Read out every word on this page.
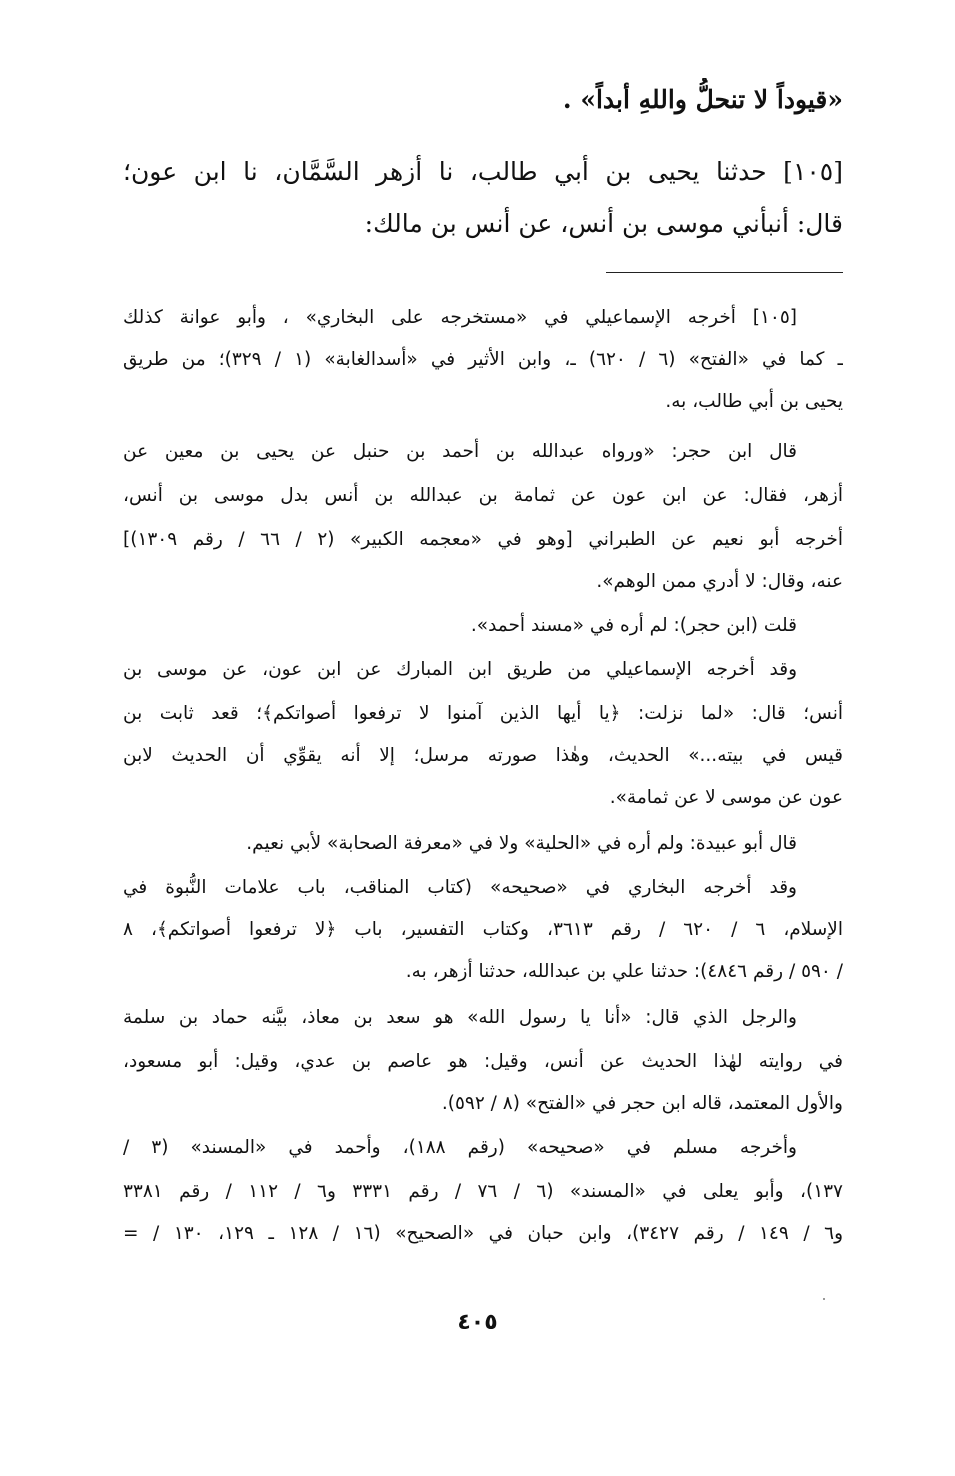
«قيوداً لا تنحلُّ واللهِ أبداً» .
[١٠٥] حدثنا يحيى بن أبي طالب، نا أزهر السَّمَّان، نا ابن عون؛
قال: أنبأني موسى بن أنس، عن أنس بن مالك:
[١٠٥] أخرجه الإسماعيلي في «مستخرجه على البخاري» ، وأبو عوانة كذلك
ـ كما في «الفتح» (٦ / ٦٢٠) ـ، وابن الأثير في «أسدالغابة» (١ / ٣٢٩)؛ من طريق
يحيى بن أبي طالب، به.
قال ابن حجر: «ورواه عبدالله بن أحمد بن حنبل عن يحيى بن معين عن
أزهر، فقال: عن ابن عون عن ثمامة بن عبدالله بن أنس بدل موسى بن أنس،
أخرجه أبو نعيم عن الطبراني [وهو في «معجمه الكبير» (٢ / ٦٦ / رقم ١٣٠٩)]
عنه، وقال: لا أدري ممن الوهم».
قلت (ابن حجر): لم أره في «مسند أحمد».
وقد أخرجه الإسماعيلي من طريق ابن المبارك عن ابن عون، عن موسى بن
أنس؛ قال: «لما نزلت: ﴿يا أيها الذين آمنوا لا ترفعوا أصواتكم﴾؛ قعد ثابت بن
قيس في بيته...» الحديث، وهٰذا صورته مرسل؛ إلا أنه يقوِّي أن الحديث لابن
عون عن موسى لا عن ثمامة».
قال أبو عبيدة: ولم أره في «الحلية» ولا في «معرفة الصحابة» لأبي نعيم.
وقد أخرجه البخاري في «صحيحه» (كتاب المناقب، باب علامات النُّبوة في
الإسلام، ٦ / ٦٢٠ / رقم ٣٦١٣، وكتاب التفسير، باب ﴿لا ترفعوا أصواتكم﴾، ٨
/ ٥٩٠ / رقم ٤٨٤٦): حدثنا علي بن عبدالله، حدثنا أزهر، به.
والرجل الذي قال: «أنا يا رسول الله» هو سعد بن معاذ، بيَّنه حماد بن سلمة
في روايته لهٰذا الحديث عن أنس، وقيل: هو عاصم بن عدي، وقيل: أبو مسعود،
والأول المعتمد، قاله ابن حجر في «الفتح» (٨ / ٥٩٢).
وأخرجه مسلم في «صحيحه» (رقم ١٨٨)، وأحمد في «المسند» (٣ /
١٣٧)، وأبو يعلى في «المسند» (٦ / ٧٦ / رقم ٣٣٣١ و٦ / ١١٢ / رقم ٣٣٨١
و٦ / ١٤٩ / رقم ٣٤٢٧)، وابن حبان في «الصحيح» (١٦ / ١٢٨ ـ ١٢٩، ١٣٠ / =
٤٠٥
